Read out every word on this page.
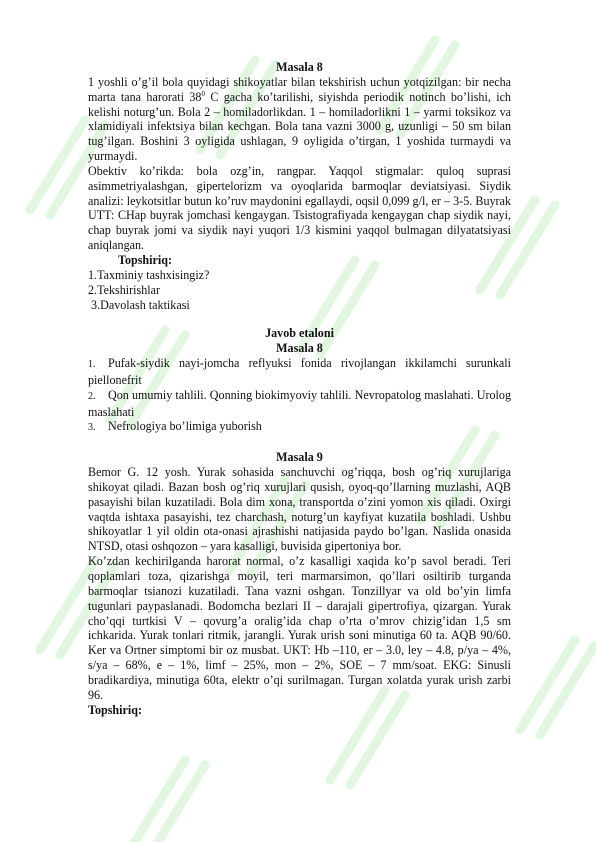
Masala 8

1 yoshli o’g’il bola quyidagi shikoyatlar bilan tekshirish uchun yotqizilgan: bir necha marta tana harorati $38^0$ C gacha ko’tarilishi, siyishda periodik notinch bo’lishi, ich kelishi noturg’un. Bola 2 – homiladorlikdan. 1 – homiladorlikni 1 – yarmi toksikoz va xlamidiyali infektsiya bilan kechgan. Bola tana vazni 3000 g, uzunligi – 50 sm bilan tug’ilgan. Boshini 3 oyligida ushlagan, 9 oyligida o’tirgan, 1 yoshida turmaydi va yurmaydi.

Obektiv ko’rikda: bola ozg’in, rangpar. Yaqqol stigmalar: quloq suprasi asimmetriyalashgan, gipertelorizm va oyoqlarida barmoqlar deviatsiyasi. Siydik analizi: leykotsitlar butun ko’ruv maydonini egallaydi, oqsil 0,099 g/l, er – 3-5. Buyrak UTT: CHap buyrak jomchasi kengaygan. Tsistografiyada kengaygan chap siydik nayi, chap buyrak jomi va siydik nayi yuqori 1/3 kismini yaqqol bulmagan dilyatatsiyasi aniqlangan.

Topshiriq:

1.Taxminiy tashxisingiz?

2.Tekshirishlar

3.Davolash taktikasi

Javob etaloni

Masala 8

1. Pufak-siydik nayi-jomcha reflyuksi fonida rivojlangan ikkilamchi surunkali piellonefrit

2. Qon umumiy tahlili. Qonning biokimyoviy tahlili. Nevropatolog maslahati. Urolog maslahati

3. Nefrologiya bo’limiga yuborish

Masala 9

Bemor G. 12 yosh. Yurak sohasida sanchuvchi og’riqqa, bosh og’riq xurujlariga shikoyat qiladi. Bazan bosh og’riq xurujlari qusish, oyoq-qo’llarning muzlashi, AQB pasayishi bilan kuzatiladi. Bola dim xona, transportda o’zini yomon xis qiladi. Oxirgi vaqtda ishtaxa pasayishi, tez charchash, noturg’un kayfiyat kuzatila boshladi. Ushbu shikoyatlar 1 yil oldin ota-onasi ajrashishi natijasida paydo bo’lgan. Naslida onasida NTSD, otasi oshqozon – yara kasalligi, buvisida gipertoniya bor.

Ko’zdan kechirilganda harorat normal, o’z kasalligi xaqida ko’p savol beradi. Teri qoplamlari toza, qizarishga moyil, teri marmarsimon, qo’llari osiltirib turganda barmoqlar tsianozi kuzatiladi. Tana vazni oshgan. Tonzillyar va old bo’yin limfa tugunlari paypaslanadi. Bodomcha bezlari II – darajali gipertrofiya, qizargan. Yurak cho’qqi turtkisi V – qovurg’a oralig’ida chap o’rta o’mrov chizig’idan 1,5 sm ichkarida. Yurak tonlari ritmik, jarangli. Yurak urish soni minutiga 60 ta. AQB 90/60. Ker va Ortner simptomi bir oz musbat. UKT: Hb –110, er – 3.0, ley – 4.8, p/ya – 4%, s/ya – 68%, e – 1%, limf – 25%, mon – 2%, SOE – 7 mm/soat. EKG: Sinusli bradikardiya, minutiga 60ta, elektr o’qi surilmagan. Turgan xolatda yurak urish zarbi 96.

Topshiriq:
